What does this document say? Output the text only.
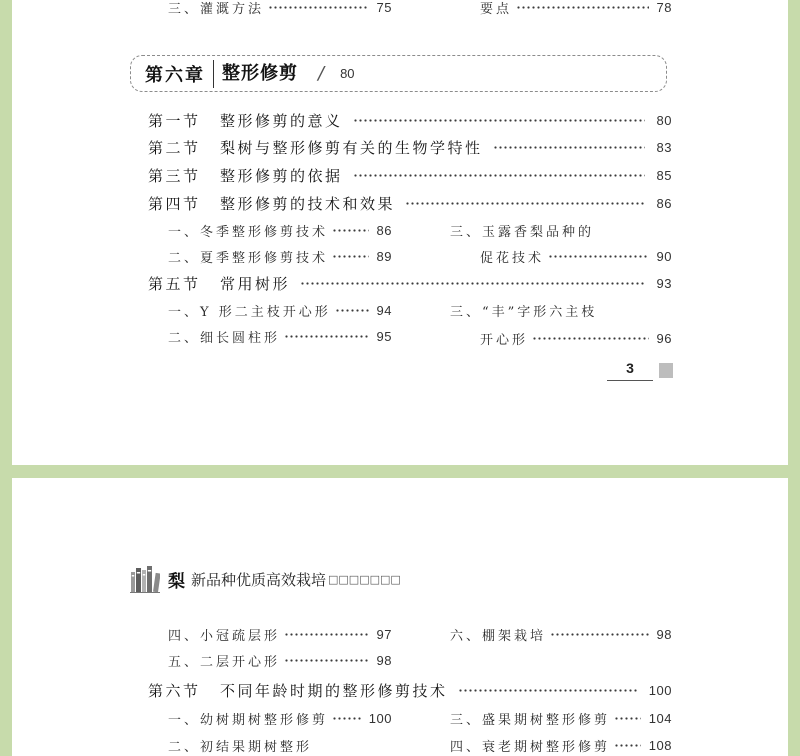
三、灌溉方法	75	要点	78
第六章 整形修剪 / 80
第一节	整形修剪的意义	80
第二节	梨树与整形修剪有关的生物学特性	83
第三节	整形修剪的依据	85
第四节	整形修剪的技术和效果	86
一、冬季整形修剪技术	86
二、夏季整形修剪技术	89
三、玉露香梨品种的
促花技术	90
第五节	常用树形	93
一、Y 形二主枝开心形	94
二、细长圆柱形	95
三、“丰”字形六主枝
开心形	96
3
梨 新品种优质高效栽培 □□□□□□□
四、小冠疏层形	97
五、二层开心形	98
六、棚架栽培	98
第六节	不同年龄时期的整形修剪技术	100
一、幼树期树整形修剪	100
二、初结果期树整形
三、盛果期树整形修剪	104
四、衰老期树整形修剪	108
